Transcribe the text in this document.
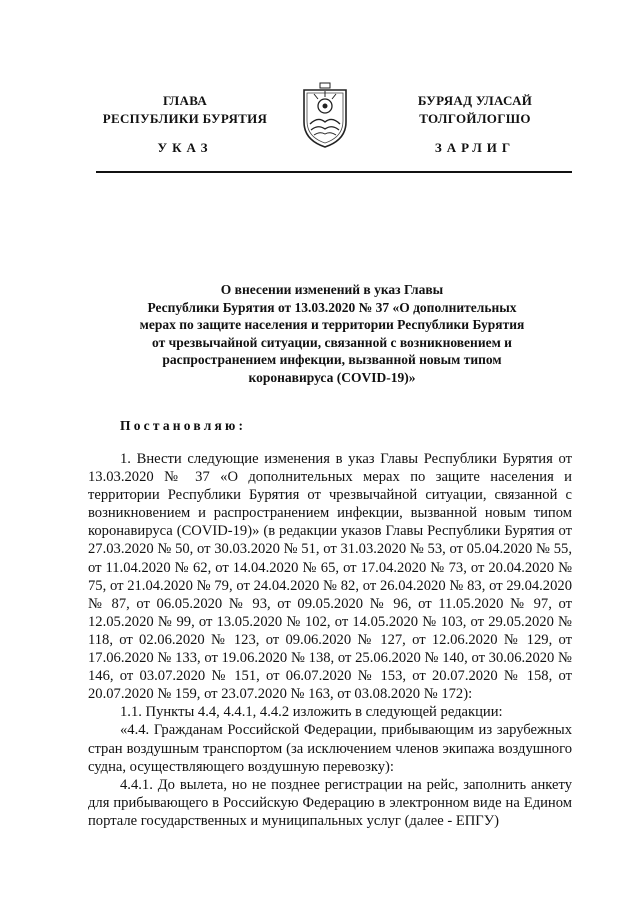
ГЛАВА
РЕСПУБЛИКИ БУРЯТИЯ
БУРЯАД УЛАСАЙ
ТОЛГОЙЛОГШО
УКАЗ	ЗАРЛИГ
О внесении изменений в указ Главы
Республики Бурятия от 13.03.2020 № 37 «О дополнительных
мерах по защите населения и территории Республики Бурятия
от чрезвычайной ситуации, связанной с возникновением и
распространением инфекции, вызванной новым типом
коронавируса (COVID-19)»
Постановляю:

1. Внести следующие изменения в указ Главы Республики Бурятия от 13.03.2020 № 37 «О дополнительных мерах по защите населения и территории Республики Бурятия от чрезвычайной ситуации, связанной с возникновением и распространением инфекции, вызванной новым типом коронавируса (COVID-19)» (в редакции указов Главы Республики Бурятия от 27.03.2020 № 50, от 30.03.2020 № 51, от 31.03.2020 № 53, от 05.04.2020 № 55, от 11.04.2020 № 62, от 14.04.2020 № 65, от 17.04.2020 № 73, от 20.04.2020 № 75, от 21.04.2020 № 79, от 24.04.2020 № 82, от 26.04.2020 № 83, от 29.04.2020 № 87, от 06.05.2020 № 93, от 09.05.2020 № 96, от 11.05.2020 № 97, от 12.05.2020 № 99, от 13.05.2020 № 102, от 14.05.2020 № 103, от 29.05.2020 № 118, от 02.06.2020 № 123, от 09.06.2020 № 127, от 12.06.2020 № 129, от 17.06.2020 № 133, от 19.06.2020 № 138, от 25.06.2020 № 140, от 30.06.2020 № 146, от 03.07.2020 № 151, от 06.07.2020 № 153, от 20.07.2020 № 158, от 20.07.2020 № 159, от 23.07.2020 № 163, от 03.08.2020 № 172):

1.1. Пункты 4.4, 4.4.1, 4.4.2 изложить в следующей редакции:

«4.4. Гражданам Российской Федерации, прибывающим из зарубежных стран воздушным транспортом (за исключением членов экипажа воздушного судна, осуществляющего воздушную перевозку):

4.4.1. До вылета, но не позднее регистрации на рейс, заполнить анкету для прибывающего в Российскую Федерацию в электронном виде на Едином портале государственных и муниципальных услуг (далее - ЕПГУ)
